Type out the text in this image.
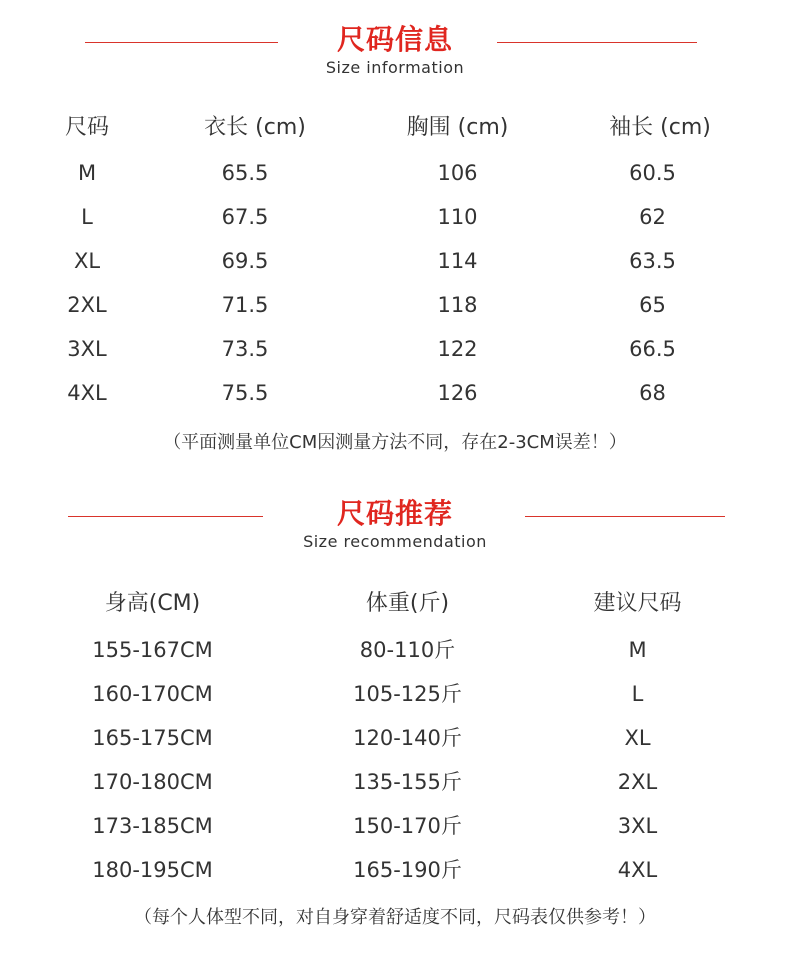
尺码信息
Size information
尺码	衣长 (cm)	胸围 (cm)	袖长 (cm)
M	65.5	106	60.5
L	67.5	110	62
XL	69.5	114	63.5
2XL	71.5	118	65
3XL	73.5	122	66.5
4XL	75.5	126	68
（平面测量单位CM因测量方法不同，存在2-3CM误差！）
尺码推荐
Size recommendation
身高(CM)	体重(斤)	建议尺码
155-167CM	80-110斤	M
160-170CM	105-125斤	L
165-175CM	120-140斤	XL
170-180CM	135-155斤	2XL
173-185CM	150-170斤	3XL
180-195CM	165-190斤	4XL
（每个人体型不同，对自身穿着舒适度不同，尺码表仅供参考！）
